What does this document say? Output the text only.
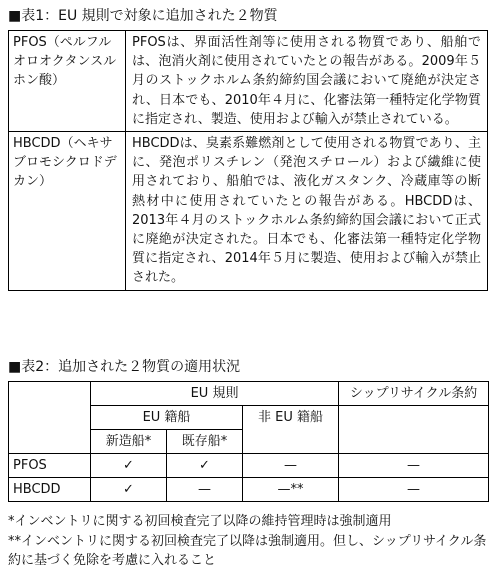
■表1：EU 規則で対象に追加された２物質
PFOS（ペルフルオロオクタンスルホン酸）	PFOSは、界面活性剤等に使用される物質であり、船舶では、泡消火剤に使用されていたとの報告がある。2009年５月のストックホルム条約締約国会議において廃絶が決定され、日本でも、2010年４月に、化審法第一種特定化学物質に指定され、製造、使用および輸入が禁止されている。
HBCDD（ヘキサブロモシクロドデカン）	HBCDDは、臭素系難燃剤として使用される物質であり、主に、発泡ポリスチレン（発泡スチロール）および繊維に使用されており、船舶では、液化ガスタンク、冷蔵庫等の断熱材中に使用されていたとの報告がある。HBCDDは、2013年４月のストックホルム条約締約国会議において正式に廃絶が決定された。日本でも、化審法第一種特定化学物質に指定され、2014年５月に製造、使用および輸入が禁止された。
■表2：追加された２物質の適用状況
	EU 規則			シップリサイクル条約
	EU 籍船		非 EU 籍船	
	新造船*	既存船*		
PFOS	✓	✓	—	—
HBCDD	✓	—	—**	—

*インベントリに関する初回検査完了以降の維持管理時は強制適用

**インベントリに関する初回検査完了以降は強制適用。但し、シップリサイクル条約に基づく免除を考慮に入れること
